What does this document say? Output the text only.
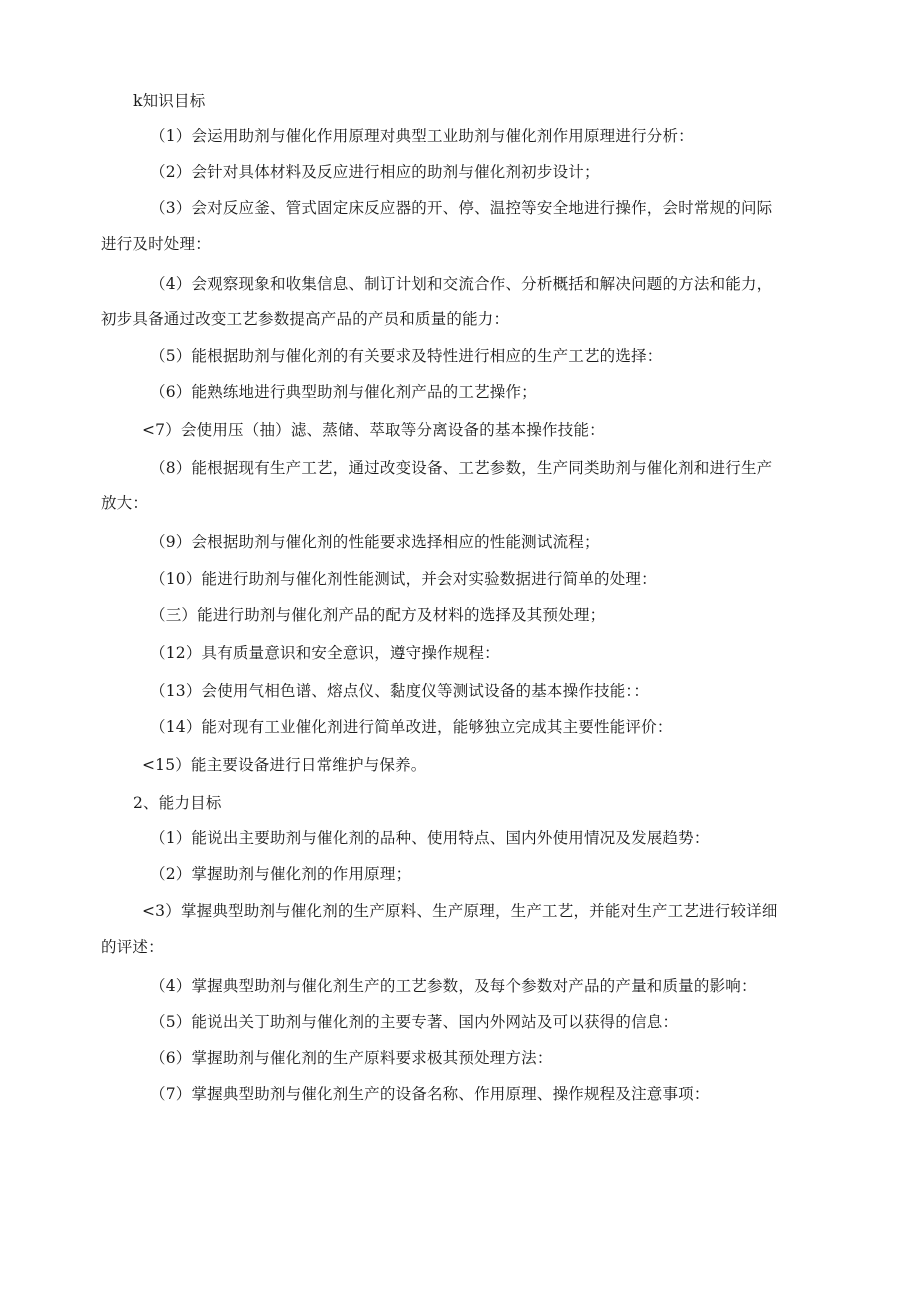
k知识目标
（1）会运用助剂与催化作用原理对典型工业助剂与催化剂作用原理进行分析：
（2）会针对具体材料及反应进行相应的助剂与催化剂初步设计；
（3）会对反应釜、管式固定床反应器的开、停、温控等安全地进行操作，会时常规的问际
进行及时处理：
（4）会观察现象和收集信息、制订计划和交流合作、分析概括和解决问题的方法和能力，
初步具备通过改变工艺参数提高产品的产员和质量的能力：
（5）能根据助剂与催化剂的有关要求及特性进行相应的生产工艺的选择：
（6）能熟练地进行典型助剂与催化剂产品的工艺操作；
<7）会使用压（抽）滤、蒸储、萃取等分离设备的基本操作技能：
（8）能根据现有生产工艺，通过改变设备、工艺参数，生产同类助剂与催化剂和进行生产
放大：
（9）会根据助剂与催化剂的性能要求选择相应的性能测试流程；
（10）能进行助剂与催化剂性能测试，并会对实验数据进行简单的处理：
（三）能进行助剂与催化剂产品的配方及材料的选择及其预处理；
（12）具有质量意识和安全意识，遵守操作规程：
（13）会使用气相色谱、熔点仪、黏度仪等测试设备的基本操作技能：：
（14）能对现有工业催化剂进行简单改进，能够独立完成其主要性能评价：
<15）能主要设备进行日常维护与保养。
2、能力目标
（1）能说出主要助剂与催化剂的品种、使用特点、国内外使用情况及发展趋势：
（2）掌握助剂与催化剂的作用原理；
<3）掌握典型助剂与催化剂的生产原料、生产原理，生产工艺，并能对生产工艺进行较详细
的评述：
（4）掌握典型助剂与催化剂生产的工艺参数，及每个参数对产品的产量和质量的影响：
（5）能说出关丁助剂与催化剂的主要专著、国内外网站及可以获得的信息：
（6）掌握助剂与催化剂的生产原料要求极其预处理方法：
（7）掌握典型助剂与催化剂生产的设备名称、作用原理、操作规程及注意事项：
